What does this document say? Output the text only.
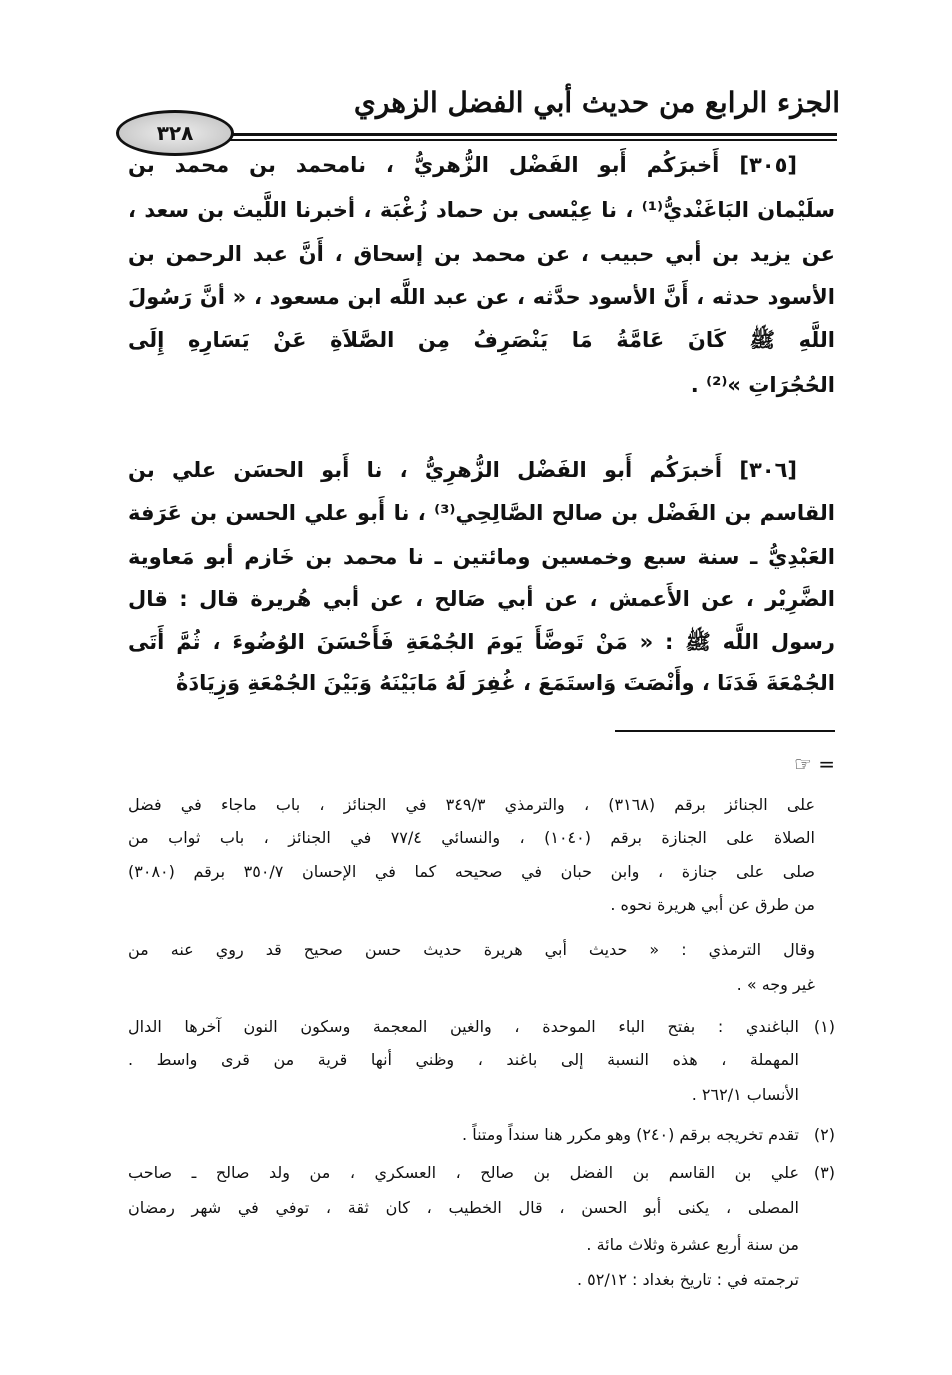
الجزء الرابع من حديث أبي الفضل الزهري
٣٢٨
[٣٠٥] أَخبرَكُم أَبو الفَضْل الزُّهريُّ ، نامحمد بن محمد بن
سلَيْمان البَاغَنْديُّ⁽¹⁾ ، نا عِيْسى بن حماد زُغْبَة ، أخبرنا اللَّيث بن سعد ،
عن يزيد بن أبي حبيب ، عن محمد بن إسحاق ، أَنَّ عبد الرحمن بن
الأسود حدثه ، أَنَّ الأسود حدَّثه ، عن عبد اللَّه ابن مسعود ، « أنَّ رَسُولَ
اللَّهِ ﷺ كَانَ عَامَّةُ مَا يَنْصَرِفُ مِن الصَّلاَةِ عَنْ يَسَارِهِ إِلَى
الحُجُرَاتِ »⁽²⁾ .
[٣٠٦] أَخبرَكُم أَبو الفَضْل الزُّهرِيُّ ، نا أَبو الحسَن علي بن
القاسم بن الفَضْل بن صالح الصَّالِحِي⁽³⁾ ، نا أَبو علي الحسن بن عَرَفة
العَبْدِيُّ ـ سنة سبع وخمسين ومائتين ـ نا محمد بن خَازم أبو مَعاوية
الضَّرِيْر ، عن الأَعمش ، عن أبي صَالح ، عن أبي هُريرة قال : قال
رسول اللَّه ﷺ : « مَنْ تَوضَّأَ يَومَ الجُمْعَةِ فَأَحْسَنَ الوُضُوءَ ، ثُمَّ أَتَى
الجُمْعَةَ فَدَنَا ، وأَنْصَتَ وَاستَمَعَ ، غُفِرَ لَهُ مَابَيْنَهُ وَبَيْنَ الجُمْعَةِ وَزِيَادَةُ
= ☞
على الجنائز برقم (٣١٦٨) ، والترمذي ٣٤٩/٣ في الجنائز ، باب ماجاء في فضل
الصلاة على الجنازة برقم (١٠٤٠) ، والنسائي ٧٧/٤ في الجنائز ، باب ثواب من
صلى على جنازة ، وابن حبان في صحيحه كما في الإحسان ٣٥٠/٧ برقم (٣٠٨٠)
من طرق عن أبي هريرة نحوه .
وقال الترمذي : « حديث أبي هريرة حديث حسن صحيح قد روي عنه من
غير وجه » .
الباغندي : بفتح الباء الموحدة ، والغين المعجمة وسكون النون آخرها الدال (١)
المهملة ، هذه النسبة إلى باغند ، وظني أنها قرية من قرى واسط .
الأنساب ٢٦٢/١ .
تقدم تخريجه برقم (٢٤٠) وهو مكرر هنا سنداً ومتناً . (٢)
علي بن القاسم بن الفضل بن صالح ، العسكري ، من ولد صالح ـ صاحب (٣)
المصلى ، يكنى أبو الحسن ، قال الخطيب ، كان ثقة ، توفي في شهر رمضان
من سنة أربع عشرة وثلاث مائة .
ترجمته في : تاريخ بغداد : ٥٢/١٢ .
